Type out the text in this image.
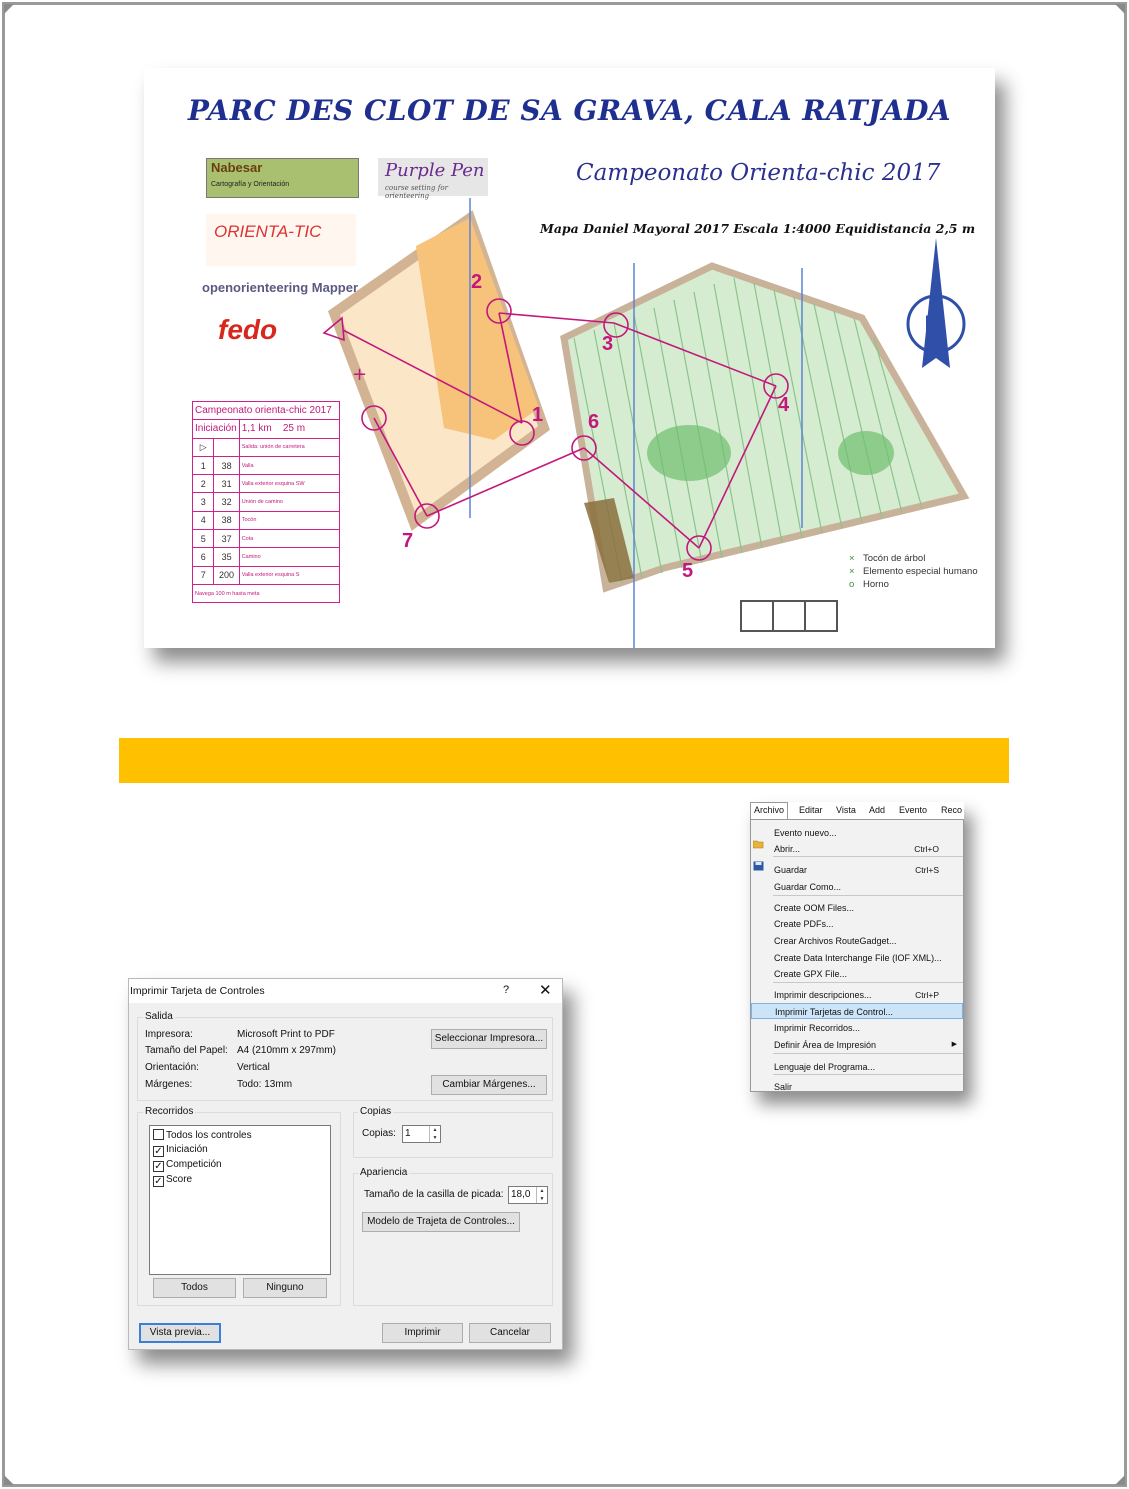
+
PARC DES CLOT DE SA GRAVA, CALA RATJADA
Campeonato Orienta-chic 2017
Mapa Daniel Mayoral 2017 Escala 1:4000 Equidistancia 2,5 m
Nabesar
Cartografía y Orientación
Purple Pen
course setting for orienteering
ORIENTA-TIC
openorienteering Mapper
fedo
1
2
3
4
5
6
7
Campeonato orienta-chic 2017		
Iniciación		1,1 km 25 m
▷		Salida: unión de carretera
1	38	Valla
2	31	Valla exterior esquina SW
3	32	Unión de camino
4	38	Tocón
5	37	Cota
6	35	Camino
7	200	Valla exterior esquina S
Navega 100 m hasta meta		
× Tocón de árbol
× Elemento especial humano
o Horno
N
Imprimir Tarjeta de Controles	? ✕
Salida
Impresora:	Microsoft Print to PDF
Tamaño del Papel: A4 (210mm x 297mm)
Orientación:	Vertical
Márgenes:	Todo: 13mm
Seleccionar Impresora...
Cambiar Márgenes...
Recorridos
Todos los controles
✓ Iniciación
✓ Competición
✓ Score
Todos	Ninguno
Copias
Copias: 1	▲
▼
Apariencia
Tamaño de la casilla de picada: 18,0	▲
▼
Modelo de Trajeta de Controles...
Vista previa...	Imprimir	Cancelar
Archivo	Editar Vista Add Evento Reco
Evento nuevo...
Abrir...	Ctrl+O
Guardar	Ctrl+S
Guardar Como...
Create OOM Files...
Create PDFs...
Crear Archivos RouteGadget...
Create Data Interchange File (IOF XML)...
Create GPX File...
Imprimir descripciones...	Ctrl+P
Imprimir Tarjetas de Control...
Imprimir Recorridos...
Definir Área de Impresión	▶
Lenguaje del Programa...
Salir
